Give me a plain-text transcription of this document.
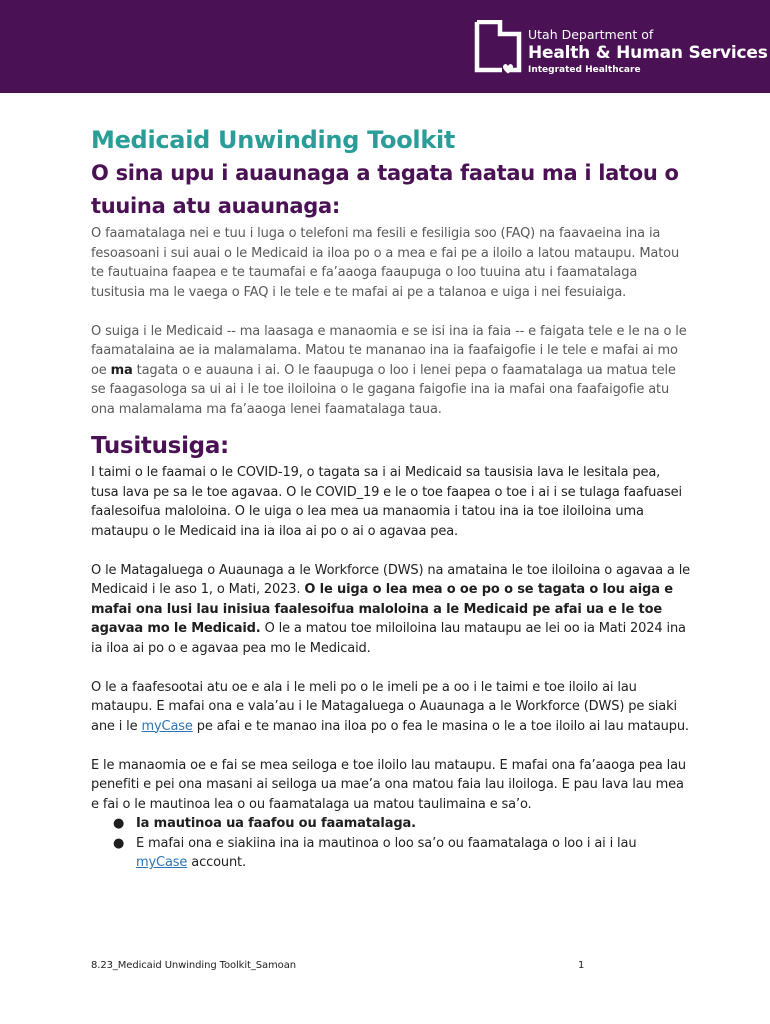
Utah Department of
Health & Human Services
Integrated Healthcare
Medicaid Unwinding Toolkit
O sina upu i auaunaga a tagata faatau ma i latou o tuuina atu auaunaga:

O faamatalaga nei e tuu i luga o telefoni ma fesili e fesiligia soo (FAQ) na faavaeina ina ia fesoasoani i sui auai o le Medicaid ia iloa po o a mea e fai pe a iloilo a latou mataupu. Matou te fautuaina faapea e te taumafai e fa’aaoga faaupuga o loo tuuina atu i faamatalaga tusitusia ma le vaega o FAQ i le tele e te mafai ai pe a talanoa e uiga i nei fesuiaiga.

O suiga i le Medicaid -- ma laasaga e manaomia e se isi ina ia faia -- e faigata tele e le na o le faamatalaina ae ia malamalama. Matou te mananao ina ia faafaigofie i le tele e mafai ai mo oe ma tagata o e auauna i ai. O le faaupuga o loo i lenei pepa o faamatalaga ua matua tele se faagasologa sa ui ai i le toe iloiloina o le gagana faigofie ina ia mafai ona faafaigofie atu ona malamalama ma fa’aaoga lenei faamatalaga taua.

Tusitusiga:

I taimi o le faamai o le COVID-19, o tagata sa i ai Medicaid sa tausisia lava le lesitala pea, tusa lava pe sa le toe agavaa. O le COVID_19 e le o toe faapea o toe i ai i se tulaga faafuasei faalesoifua maloloina. O le uiga o lea mea ua manaomia i tatou ina ia toe iloiloina uma mataupu o le Medicaid ina ia iloa ai po o ai o agavaa pea.

O le Matagaluega o Auaunaga a le Workforce (DWS) na amataina le toe iloiloina o agavaa a le Medicaid i le aso 1, o Mati, 2023. O le uiga o lea mea o oe po o se tagata o lou aiga e mafai ona lusi lau inisiua faalesoifua maloloina a le Medicaid pe afai ua e le toe agavaa mo le Medicaid. O le a matou toe miloiloina lau mataupu ae lei oo ia Mati 2024 ina ia iloa ai po o e agavaa pea mo le Medicaid.

O le a faafesootai atu oe e ala i le meli po o le imeli pe a oo i le taimi e toe iloilo ai lau mataupu. E mafai ona e vala’au i le Matagaluega o Auaunaga a le Workforce (DWS) pe siaki ane i le myCase pe afai e te manao ina iloa po o fea le masina o le a toe iloilo ai lau mataupu.

E le manaomia oe e fai se mea seiloga e toe iloilo lau mataupu. E mafai ona fa’aaoga pea lau penefiti e pei ona masani ai seiloga ua mae’a ona matou faia lau iloiloga. E pau lava lau mea e fai o le mautinoa lea o ou faamatalaga ua matou taulimaina e sa’o.

● Ia mautinoa ua faafou ou faamatalaga.
● E mafai ona e siakiina ina ia mautinoa o loo sa’o ou faamatalaga o loo i ai i lau myCase account.
8.23_Medicaid Unwinding Toolkit_Samoan	1
